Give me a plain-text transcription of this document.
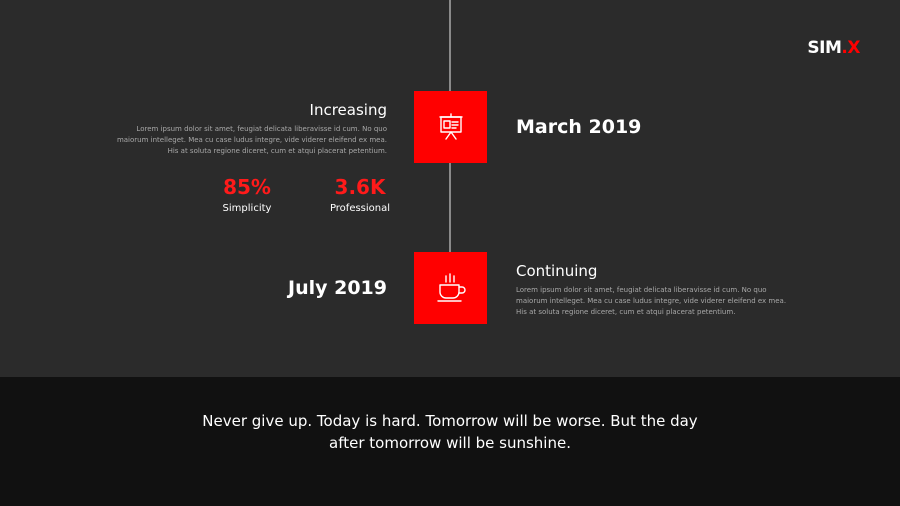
SIM.X
Increasing
Lorem ipsum dolor sit amet, feugiat delicata liberavisse id cum. No quo maiorum intelleget. Mea cu case ludus integre, vide viderer eleifend ex mea. His at soluta regione diceret, cum et atqui placerat petentium.
March 2019
85%
Simplicity
3.6K
Professional
Continuing
Lorem ipsum dolor sit amet, feugiat delicata liberavisse id cum. No quo maiorum intelleget. Mea cu case ludus integre, vide viderer eleifend ex mea. His at soluta regione diceret, cum et atqui placerat petentium.
July 2019
Never give up. Today is hard. Tomorrow will be worse. But the day
after tomorrow will be sunshine.
